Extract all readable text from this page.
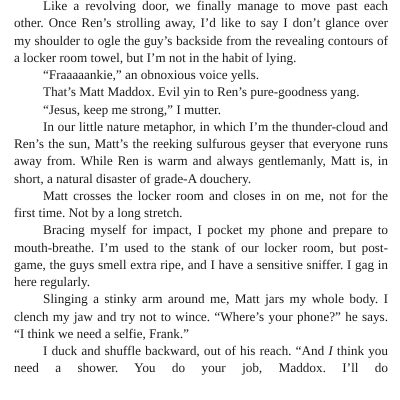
Like a revolving door, we finally manage to move past each other. Once Ren’s strolling away, I’d like to say I don’t glance over my shoulder to ogle the guy’s backside from the revealing contours of a locker room towel, but I’m not in the habit of lying.

“Fraaaaankie,” an obnoxious voice yells.

That’s Matt Maddox. Evil yin to Ren’s pure-goodness yang.

“Jesus, keep me strong,” I mutter.

In our little nature metaphor, in which I’m the thunder-cloud and Ren’s the sun, Matt’s the reeking sulfurous geyser that everyone runs away from. While Ren is warm and always gentlemanly, Matt is, in short, a natural disaster of grade-A douchery.

Matt crosses the locker room and closes in on me, not for the first time. Not by a long stretch.

Bracing myself for impact, I pocket my phone and prepare to mouth-breathe. I’m used to the stank of our locker room, but post-game, the guys smell extra ripe, and I have a sensitive sniffer. I gag in here regularly.

Slinging a stinky arm around me, Matt jars my whole body. I clench my jaw and try not to wince. “Where’s your phone?” he says. “I think we need a selfie, Frank.”

I duck and shuffle backward, out of his reach. “And I think you need a shower. You do your job, Maddox. I’ll do
